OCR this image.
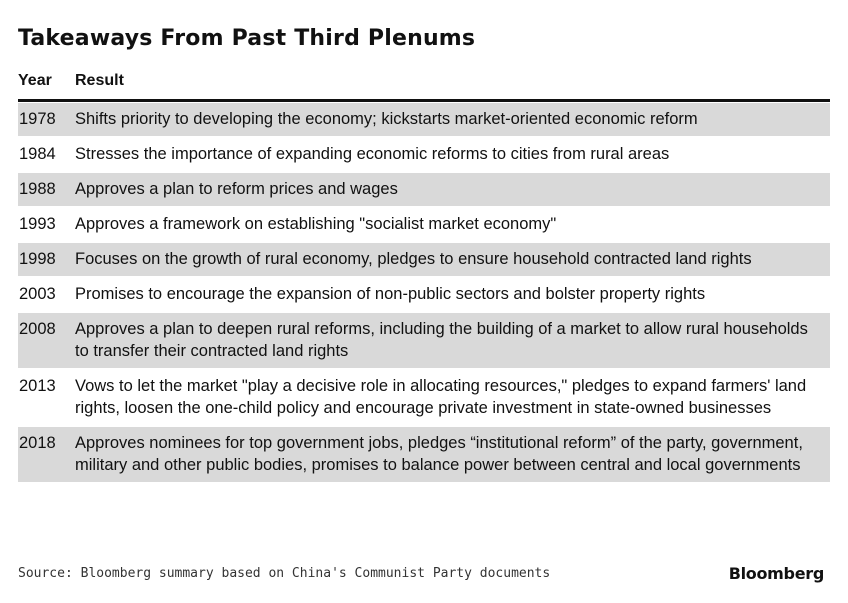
Takeaways From Past Third Plenums
Year Result
1978	Shifts priority to developing the economy; kickstarts market-oriented economic reform
1984	Stresses the importance of expanding economic reforms to cities from rural areas
1988	Approves a plan to reform prices and wages
1993	Approves a framework on establishing "socialist market economy"
1998	Focuses on the growth of rural economy, pledges to ensure household contracted land rights
2003	Promises to encourage the expansion of non-public sectors and bolster property rights
2008	Approves a plan to deepen rural reforms, including the building of a market to allow rural households to transfer their contracted land rights
2013	Vows to let the market "play a decisive role in allocating resources," pledges to expand farmers' land rights, loosen the one-child policy and encourage private investment in state-owned businesses
2018	Approves nominees for top government jobs, pledges “institutional reform” of the party, government, military and other public bodies, promises to balance power between central and local governments
Source: Bloomberg summary based on China's Communist Party documents	Bloomberg
